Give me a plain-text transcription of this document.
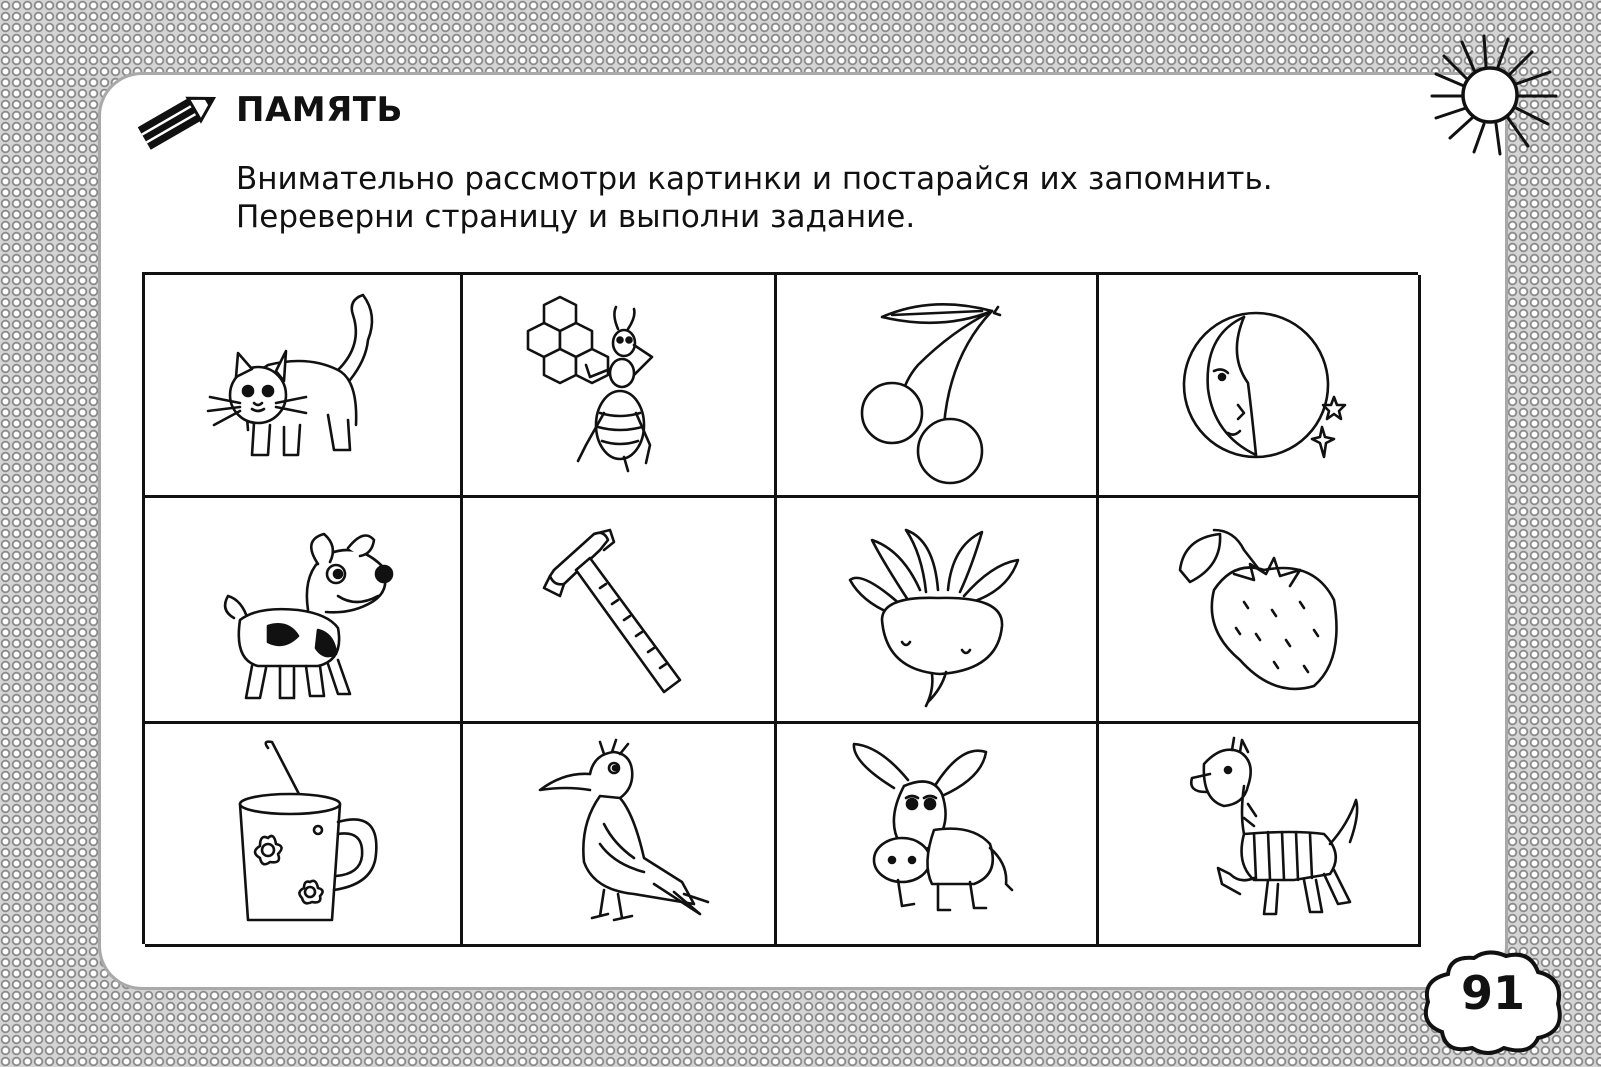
ПАМЯТЬ
Внимательно рассмотри картинки и постарайся их запомнить.
Переверни страницу и выполни задание.
91
